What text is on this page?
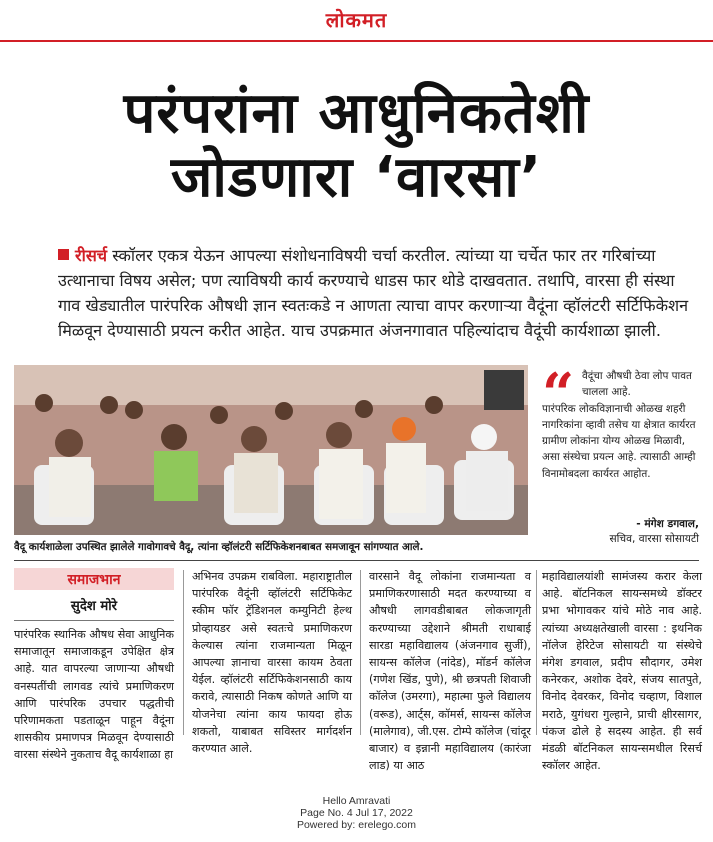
लोकमत
परंपरांना आधुनिकतेशी
जोडणारा ‘वारसा’
रीसर्च स्कॉलर एकत्र येऊन आपल्या संशोधनाविषयी चर्चा करतील. त्यांच्या या चर्चेत फार तर गरिबांच्या उत्थानाचा विषय असेल; पण त्याविषयी कार्य करण्याचे धाडस फार थोडे दाखवतात. तथापि, वारसा ही संस्था गाव खेड्यातील पारंपरिक औषधी ज्ञान स्वतःकडे न आणता त्याचा वापर करणाऱ्या वैदूंना व्हॉलंटरी सर्टिफिकेशन मिळवून देण्यासाठी प्रयत्न करीत आहेत. याच उपक्रमात अंजनगावात पहिल्यांदाच वैदूंची कार्यशाळा झाली.
वैदू कार्यशाळेला उपस्थित झालेले गावोगावचे वैदू, त्यांना व्हॉलंटरी सर्टिफिकेशनबाबत समजावून सांगण्यात आले.
“ वैदूंचा औषधी ठेवा लोप पावत चालला आहे.
पारंपरिक लोकविज्ञानाची ओळख शहरी नागरिकांना व्हावी तसेच या क्षेत्रात कार्यरत ग्रामीण लोकांना योग्य ओळख मिळावी, असा संस्थेचा प्रयत्न आहे. त्यासाठी आम्ही विनामोबदला कार्यरत आहोत.
- मंगेश डगवाल,
सचिव, वारसा सोसायटी
समाजभान
सुदेश मोरे
पारंपरिक स्थानिक औषध सेवा आधुनिक समाजातून समाजाकडून उपेक्षित क्षेत्र आहे. यात वापरल्या जाणाऱ्या औषधी वनस्पतींची लागवड त्यांचे प्रमाणिकरण आणि पारंपरिक उपचार पद्धतीची परिणामकता पडताळून पाहून वैदूंना शासकीय प्रमाणपत्र मिळवून देण्यासाठी वारसा संस्थेने नुकताच वैदू कार्यशाळा हा
अभिनव उपक्रम राबविला. महाराष्ट्रातील पारंपरिक वैदूंनी व्हॉलंटरी सर्टिफिकेट स्कीम फॉर ट्रॅडिशनल कम्युनिटी हेल्थ प्रोव्हायडर असे स्वतःचे प्रमाणिकरण केल्यास त्यांना राजमान्यता मिळून आपल्या ज्ञानाचा वारसा कायम ठेवता येईल. व्हॉलंटरी सर्टिफिकेशनसाठी काय करावे, त्यासाठी निकष कोणते आणि या योजनेचा त्यांना काय फायदा होऊ शकतो, याबाबत सविस्तर मार्गदर्शन करण्यात आले.
वारसाने वैदू लोकांना राजमान्यता व प्रमाणिकरणासाठी मदत करण्याच्या व औषधी लागवडीबाबत लोकजागृती करण्याच्या उद्देशाने श्रीमती राधाबाई सारडा महाविद्यालय (अंजनगाव सुर्जी), सायन्स कॉलेज (नांदेड), मॉडर्न कॉलेज (गणेश खिंड, पुणे), श्री छत्रपती शिवाजी कॉलेज (उमरगा), महात्मा फुले विद्यालय (वरूड), आर्ट्स, कॉमर्स, सायन्स कॉलेज (मालेगाव), जी.एस. टोम्पे कॉलेज (चांदूर बाजार) व इन्नानी महाविद्यालय (कारंजा लाड) या आठ
महाविद्यालयांशी सामंजस्य करार केला आहे. बॉटनिकल सायन्समध्ये डॉक्टर प्रभा भोगावकर यांचे मोठे नाव आहे. त्यांच्या अध्यक्षतेखाली वारसा : इथनिक नॉलेज हेरिटेज सोसायटी या संस्थेचे मंगेश डगवाल, प्रदीप सौदागर, उमेश कनेरकर, अशोक देवरे, संजय सातपुते, विनोद देवरकर, विनोद चव्हाण, विशाल मराठे, युगंधरा गुल्हाने, प्राची क्षीरसागर, पंकज ढोले हे सदस्य आहेत. ही सर्व मंडळी बॉटनिकल सायन्समधील रिसर्च स्कॉलर आहेत.
Hello Amravati
Page No. 4 Jul 17, 2022
Powered by: erelego.com
